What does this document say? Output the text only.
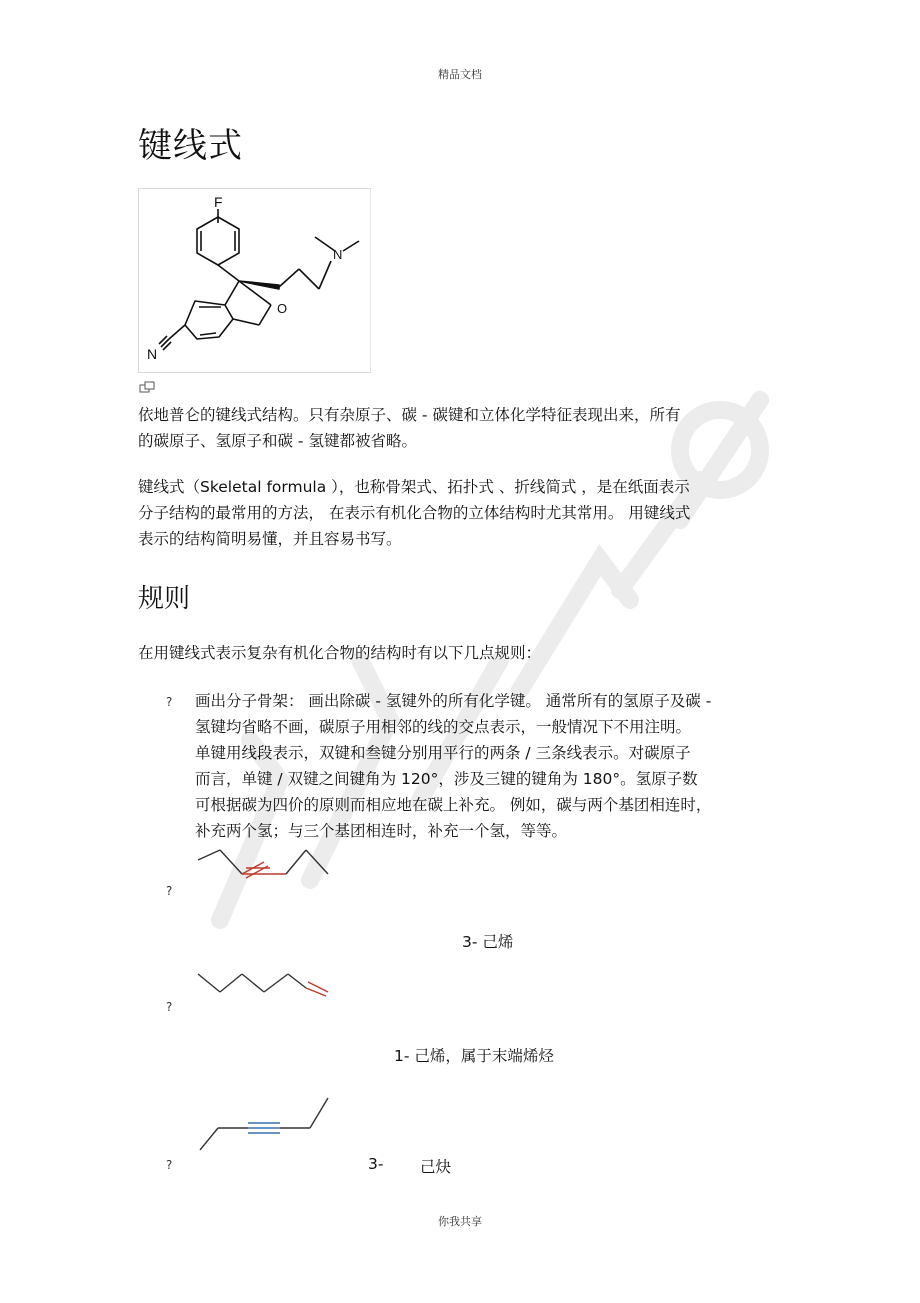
精品文档
键线式
F
N
O
N

依地普仑的键线式结构。只有杂原子、碳 - 碳键和立体化学特征表现出来，所有

的碳原子、氢原子和碳 - 氢键都被省略。

键线式（Skeletal formula ），也称骨架式、拓扑式 、折线简式 ，是在纸面表示

分子结构的最常用的方法， 在表示有机化合物的立体结构时尤其常用。 用键线式

表示的结构简明易懂，并且容易书写。

规则
在用键线式表示复杂有机化合物的结构时有以下几点规则：
? 画出分子骨架： 画出除碳 - 氢键外的所有化学键。 通常所有的氢原子及碳 -

氢键均省略不画，碳原子用相邻的线的交点表示，一般情况下不用注明。

单键用线段表示，双键和叁键分别用平行的两条 / 三条线表示。对碳原子

而言，单键 / 双键之间键角为 120°，涉及三键的键角为 180°。氢原子数

可根据碳为四价的原则而相应地在碳上补充。 例如，碳与两个基团相连时，

补充两个氢；与三个基团相连时，补充一个氢，等等。

?
3- 己烯
?
1- 己烯，属于末端烯烃
?	3- 己炔
你我共享
